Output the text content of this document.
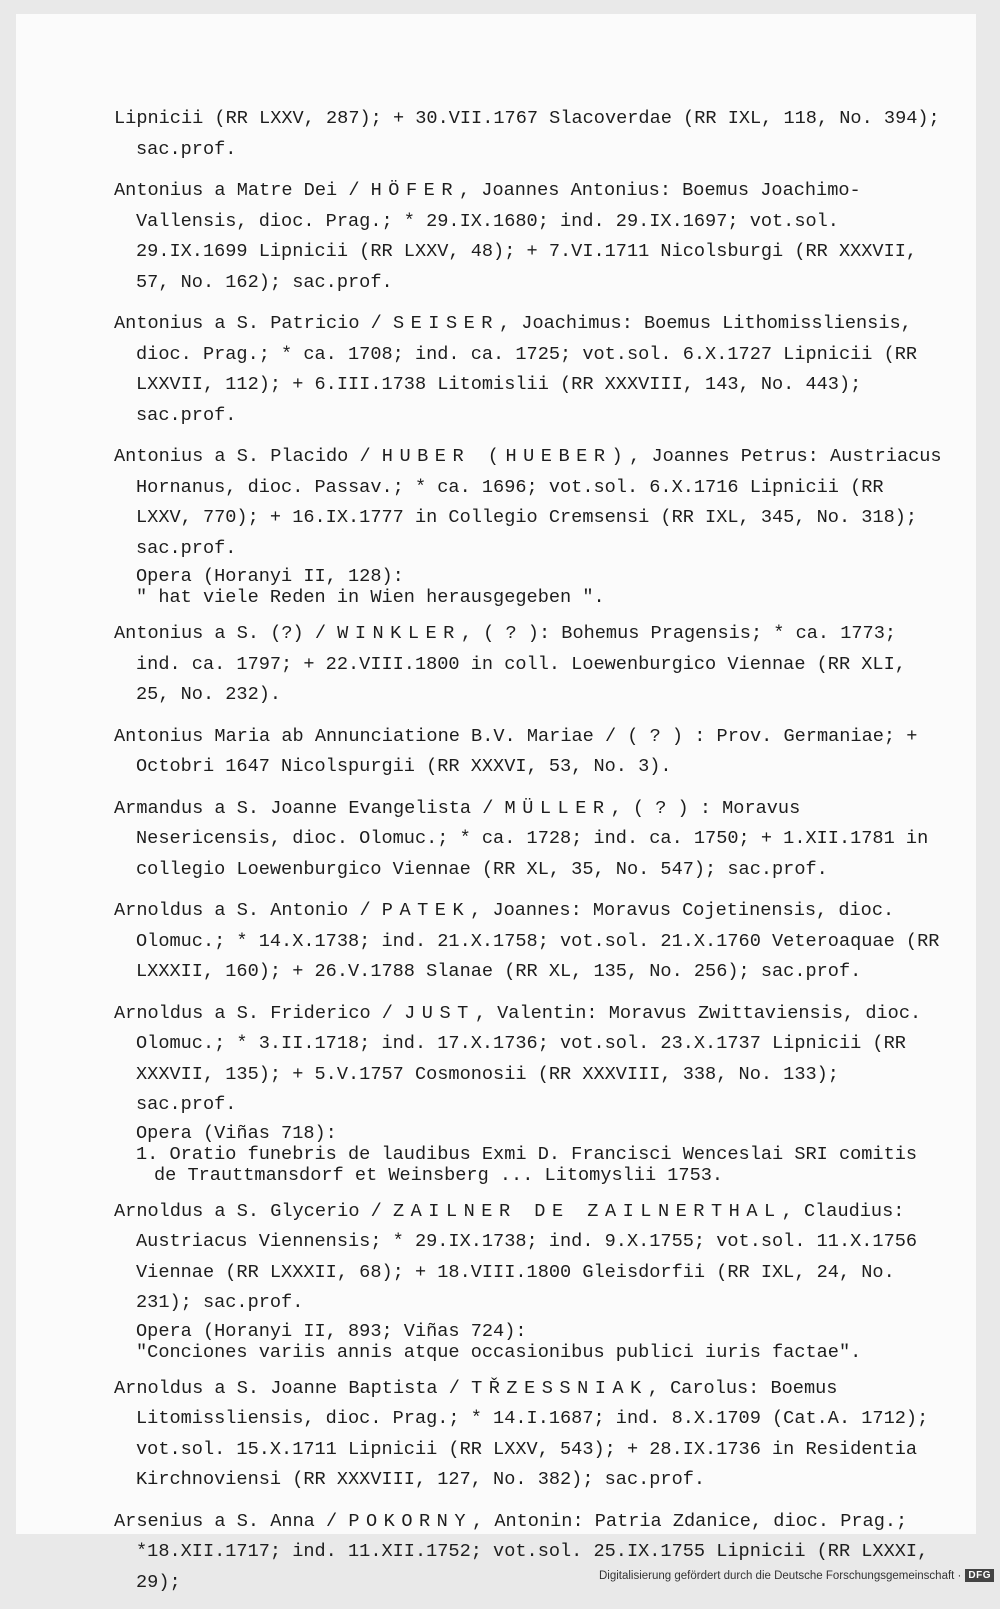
Lipnicii (RR LXXV, 287); + 30.VII.1767 Slacoverdae (RR IXL, 118, No. 394); sac.prof.
Antonius a Matre Dei / HÖFER, Joannes Antonius: Boemus Joachimo-Vallensis, dioc. Prag.; * 29.IX.1680; ind. 29.IX.1697; vot.sol. 29.IX.1699 Lipnicii (RR LXXV, 48); + 7.VI.1711 Nicolsburgi (RR XXXVII, 57, No. 162); sac.prof.
Antonius a S. Patricio / SEISER, Joachimus: Boemus Lithomissliensis, dioc. Prag.; * ca. 1708; ind. ca. 1725; vot.sol. 6.X.1727 Lipnicii (RR LXXVII, 112); + 6.III.1738 Litomislii (RR XXXVIII, 143, No. 443); sac.prof.
Antonius a S. Placido / HUBER (HUEBER), Joannes Petrus: Austriacus Hornanus, dioc. Passav.; * ca. 1696; vot.sol. 6.X.1716 Lipnicii (RR LXXV, 770); + 16.IX.1777 in Collegio Cremsensi (RR IXL, 345, No. 318); sac.prof.
Opera (Horanyi II, 128):
" hat viele Reden in Wien herausgegeben ".
Antonius a S. (?) / WINKLER, ( ? ): Bohemus Pragensis; * ca. 1773; ind. ca. 1797; + 22.VIII.1800 in coll. Loewenburgico Viennae (RR XLI, 25, No. 232).
Antonius Maria ab Annunciatione B.V. Mariae / ( ? ) : Prov. Germaniae; + Octobri 1647 Nicolspurgii (RR XXXVI, 53, No. 3).
Armandus a S. Joanne Evangelista / MÜLLER, ( ? ) : Moravus Nesericensis, dioc. Olomuc.; * ca. 1728; ind. ca. 1750; + 1.XII.1781 in collegio Loewenburgico Viennae (RR XL, 35, No. 547); sac.prof.
Arnoldus a S. Antonio / PATEK, Joannes: Moravus Cojetinensis, dioc. Olomuc.; * 14.X.1738; ind. 21.X.1758; vot.sol. 21.X.1760 Veteroaquae (RR LXXXII, 160); + 26.V.1788 Slanae (RR XL, 135, No. 256); sac.prof.
Arnoldus a S. Friderico / JUST, Valentin: Moravus Zwittaviensis, dioc. Olomuc.; * 3.II.1718; ind. 17.X.1736; vot.sol. 23.X.1737 Lipnicii (RR XXXVII, 135); + 5.V.1757 Cosmonosii (RR XXXVIII, 338, No. 133); sac.prof.
Opera (Viñas 718):
1. Oratio funebris de laudibus Exmi D. Francisci Wenceslai SRI comitis de Trauttmansdorf et Weinsberg ... Litomyslii 1753.
Arnoldus a S. Glycerio / ZAILNER DE ZAILNERTHAL, Claudius: Austriacus Viennensis; * 29.IX.1738; ind. 9.X.1755; vot.sol. 11.X.1756 Viennae (RR LXXXII, 68); + 18.VIII.1800 Gleisdorfii (RR IXL, 24, No. 231); sac.prof.
Opera (Horanyi II, 893; Viñas 724):
"Conciones variis annis atque occasionibus publici iuris factae".
Arnoldus a S. Joanne Baptista / TŘZESSNIAK, Carolus: Boemus Litomissliensis, dioc. Prag.; * 14.I.1687; ind. 8.X.1709 (Cat.A. 1712); vot.sol. 15.X.1711 Lipnicii (RR LXXV, 543); + 28.IX.1736 in Residentia Kirchnoviensi (RR XXXVIII, 127, No. 382); sac.prof.
Arsenius a S. Anna / POKORNY, Antonin: Patria Zdanice, dioc. Prag.; *18.XII.1717; ind. 11.XII.1752; vot.sol. 25.IX.1755 Lipnicii (RR LXXXI, 29);
Digitalisierung gefördert durch die Deutsche Forschungsgemeinschaft · DFG
